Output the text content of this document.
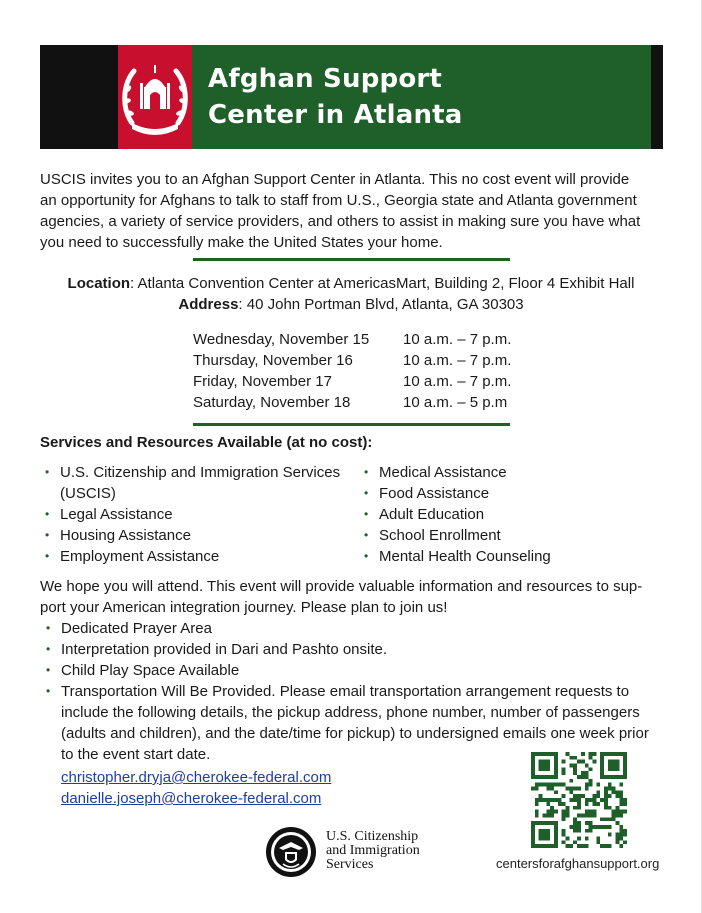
Afghan Support
Center in Atlanta
USCIS invites you to an Afghan Support Center in Atlanta. This no cost event will provide
an opportunity for Afghans to talk to staff from U.S., Georgia state and Atlanta government
agencies, a variety of service providers, and others to assist in making sure you have what
you need to successfully make the United States your home.
Location: Atlanta Convention Center at AmericasMart, Building 2, Floor 4 Exhibit Hall
Address: 40 John Portman Blvd, Atlanta, GA 30303
Wednesday, November 15	10 a.m. – 7 p.m.
Thursday, November 16	10 a.m. – 7 p.m.
Friday, November 17	10 a.m. – 7 p.m.
Saturday, November 18	10 a.m. – 5 p.m
Services and Resources Available (at no cost):
• U.S. Citizenship and Immigration Services
(USCIS)
• Legal Assistance
• Housing Assistance
• Employment Assistance
• Medical Assistance
• Food Assistance
• Adult Education
• School Enrollment
• Mental Health Counseling
We hope you will attend. This event will provide valuable information and resources to sup-
port your American integration journey. Please plan to join us!
• Dedicated Prayer Area
• Interpretation provided in Dari and Pashto onsite.
• Child Play Space Available
• Transportation Will Be Provided. Please email transportation arrangement requests to
include the following details, the pickup address, phone number, number of passengers
(adults and children), and the date/time for pickup) to undersigned emails one week prior
to the event start date.
christopher.dryja@cherokee-federal.com
danielle.joseph@cherokee-federal.com
U.S. Citizenship
and Immigration
Services	centersforafghansupport.org
